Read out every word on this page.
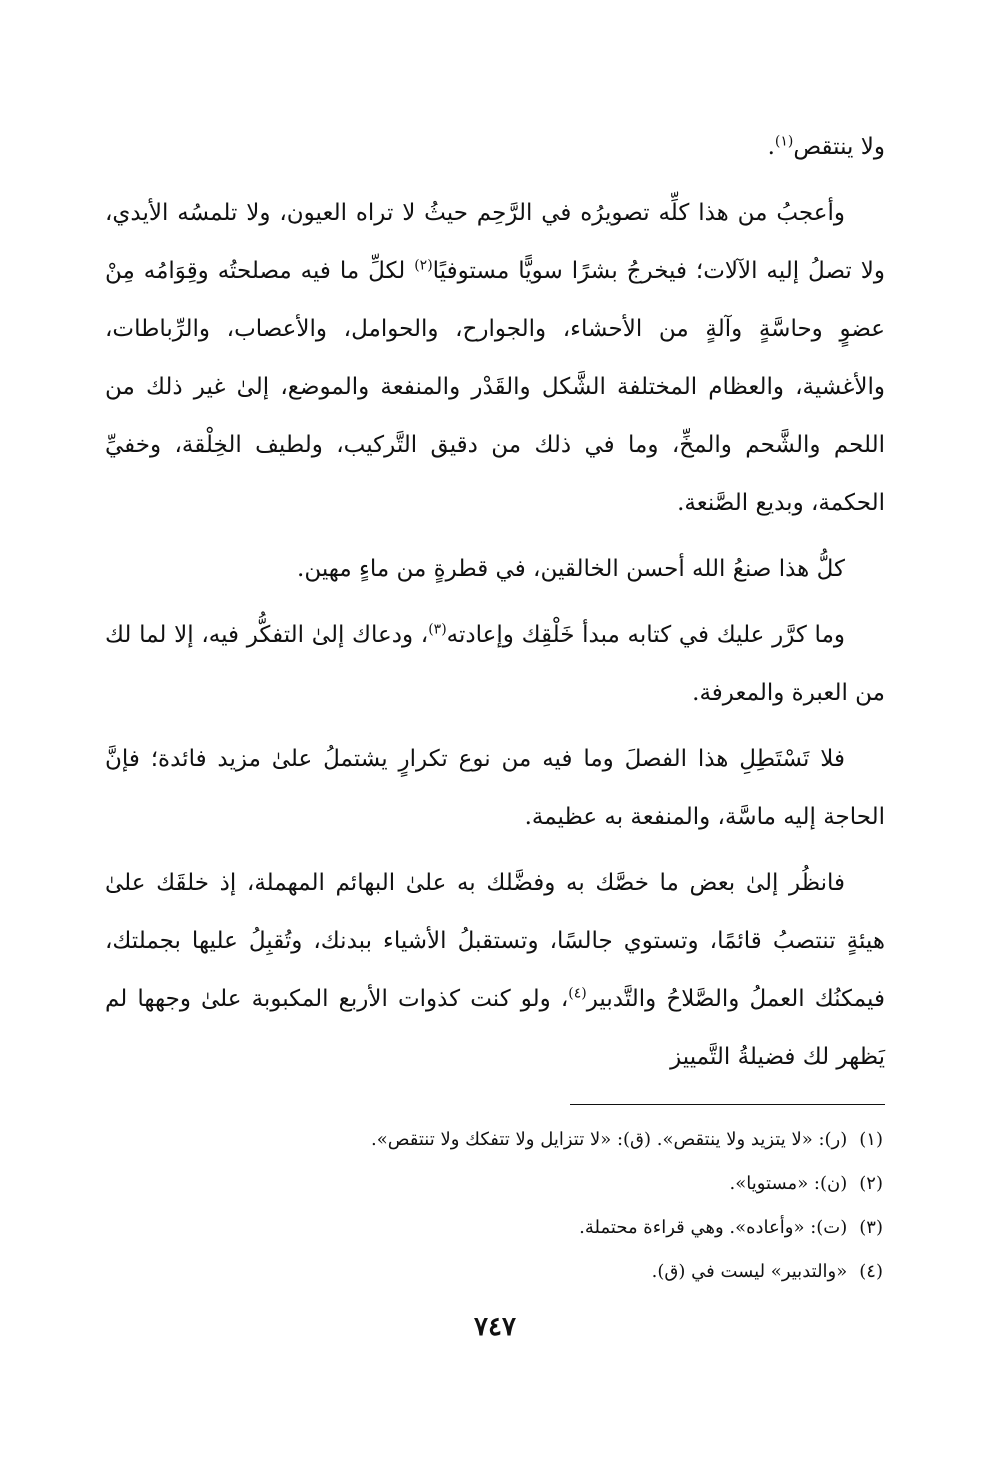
ولا ينتقص$^{(١)}$.

وأعجبُ من هذا كلِّه تصويرُه في الرَّحِم حيثُ لا تراه العيون، ولا تلمسُه الأيدي، ولا تصلُ إليه الآلات؛ فيخرجُ بشرًا سويًّا مستوفيًا$^{(٢)}$ لكلِّ ما فيه مصلحتُه وقِوَامُه مِنْ عضوٍ وحاسَّةٍ وآلةٍ من الأحشاء، والجوارح، والحوامل، والأعصاب، والرِّباطات، والأغشية، والعظام المختلفة الشَّكل والقَدْر والمنفعة والموضع، إلىٰ غير ذلك من اللحم والشَّحم والمخِّ، وما في ذلك من دقيق التَّركيب، ولطيف الخِلْقة، وخفيِّ الحكمة، وبديع الصَّنعة.

كلُّ هذا صنعُ الله أحسن الخالقين، في قطرةٍ من ماءٍ مهين.

وما كرَّر عليك في كتابه مبدأ خَلْقِك وإعادته$^{(٣)}$، ودعاك إلىٰ التفكُّر فيه، إلا لما لك من العبرة والمعرفة.

فلا تَسْتَطِلِ هذا الفصلَ وما فيه من نوع تكرارٍ يشتملُ علىٰ مزيد فائدة؛ فإنَّ الحاجة إليه ماسَّة، والمنفعة به عظيمة.

فانظُر إلىٰ بعض ما خصَّك به وفضَّلك به علىٰ البهائم المهملة، إذ خلقَك علىٰ هيئةٍ تنتصبُ قائمًا، وتستوي جالسًا، وتستقبلُ الأشياء ببدنك، وتُقبِلُ عليها بجملتك، فيمكنُك العملُ والصَّلاحُ والتَّدبير$^{(٤)}$، ولو كنت كذوات الأربع المكبوبة علىٰ وجهها لم يَظهر لك فضيلةُ التَّمييز

(١)(ر): «لا يتزيد ولا ينتقص». (ق): «لا تتزايل ولا تتفكك ولا تنتقص».

(٢)(ن): «مستويا».

(٣)(ت): «وأعاده». وهي قراءة محتملة.

(٤)«والتدبير» ليست في (ق).

٧٤٧
